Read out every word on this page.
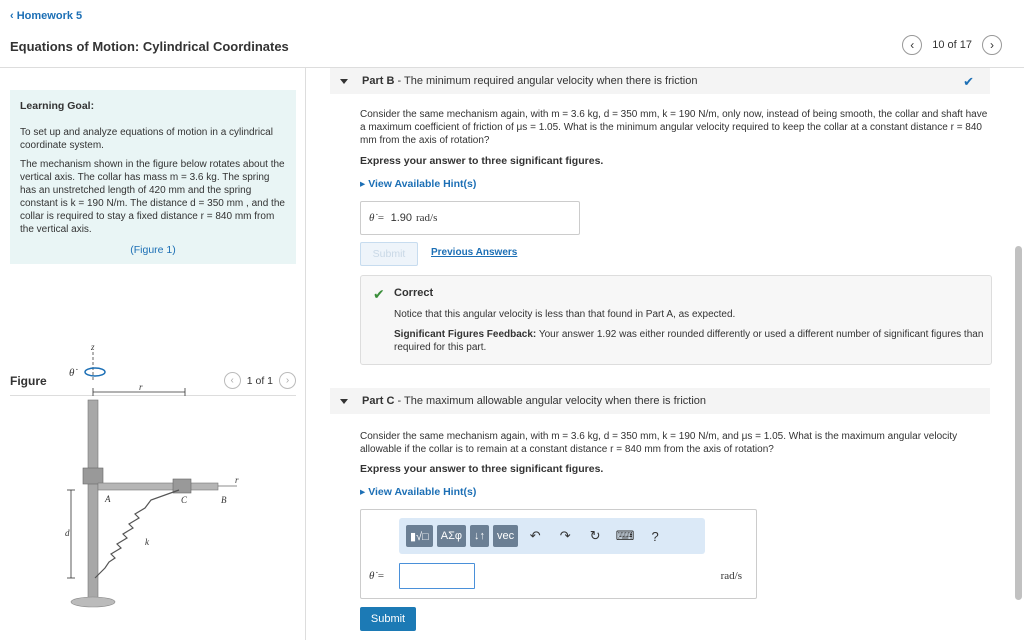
‹ Homework 5
Equations of Motion: Cylindrical Coordinates	‹ 10 of 17 ›
Learning Goal:
To set up and analyze equations of motion in a cylindrical coordinate system.
The mechanism shown in the figure below rotates about the vertical axis. The collar has mass m = 3.6 kg. The spring has an unstretched length of 420 mm and the spring constant is k = 190 N/m. The distance d = 350 mm , and the collar is required to stay a fixed distance r = 840 mm from the vertical axis.
(Figure 1)
Figure	‹ 1 of 1 ›
z
θ̇
r
A	C	B
r
k
d
Part B - The minimum required angular velocity when there is friction	✔
Consider the same mechanism again, with m = 3.6 kg, d = 350 mm, k = 190 N/m, only now, instead of being smooth, the collar and shaft have a maximum coefficient of friction of μs = 1.05. What is the minimum angular velocity required to keep the collar at a constant distance r = 840 mm from the axis of rotation?
Express your answer to three significant figures.
▸ View Available Hint(s)
θ̇ = 1.90 rad/s
Submit	Previous Answers
✔ Correct
Notice that this angular velocity is less than that found in Part A, as expected.
Significant Figures Feedback: Your answer 1.92 was either rounded differently or used a different number of significant figures than required for this part.
Part C - The maximum allowable angular velocity when there is friction
Consider the same mechanism again, with m = 3.6 kg, d = 350 mm, k = 190 N/m, and μs = 1.05. What is the maximum angular velocity allowable if the collar is to remain at a constant distance r = 840 mm from the axis of rotation?
Express your answer to three significant figures.
▸ View Available Hint(s)
▮√□	ΑΣφ	↓↑	vec	↶	↷	↻	⌨	?
θ̇ =	rad/s
Submit
